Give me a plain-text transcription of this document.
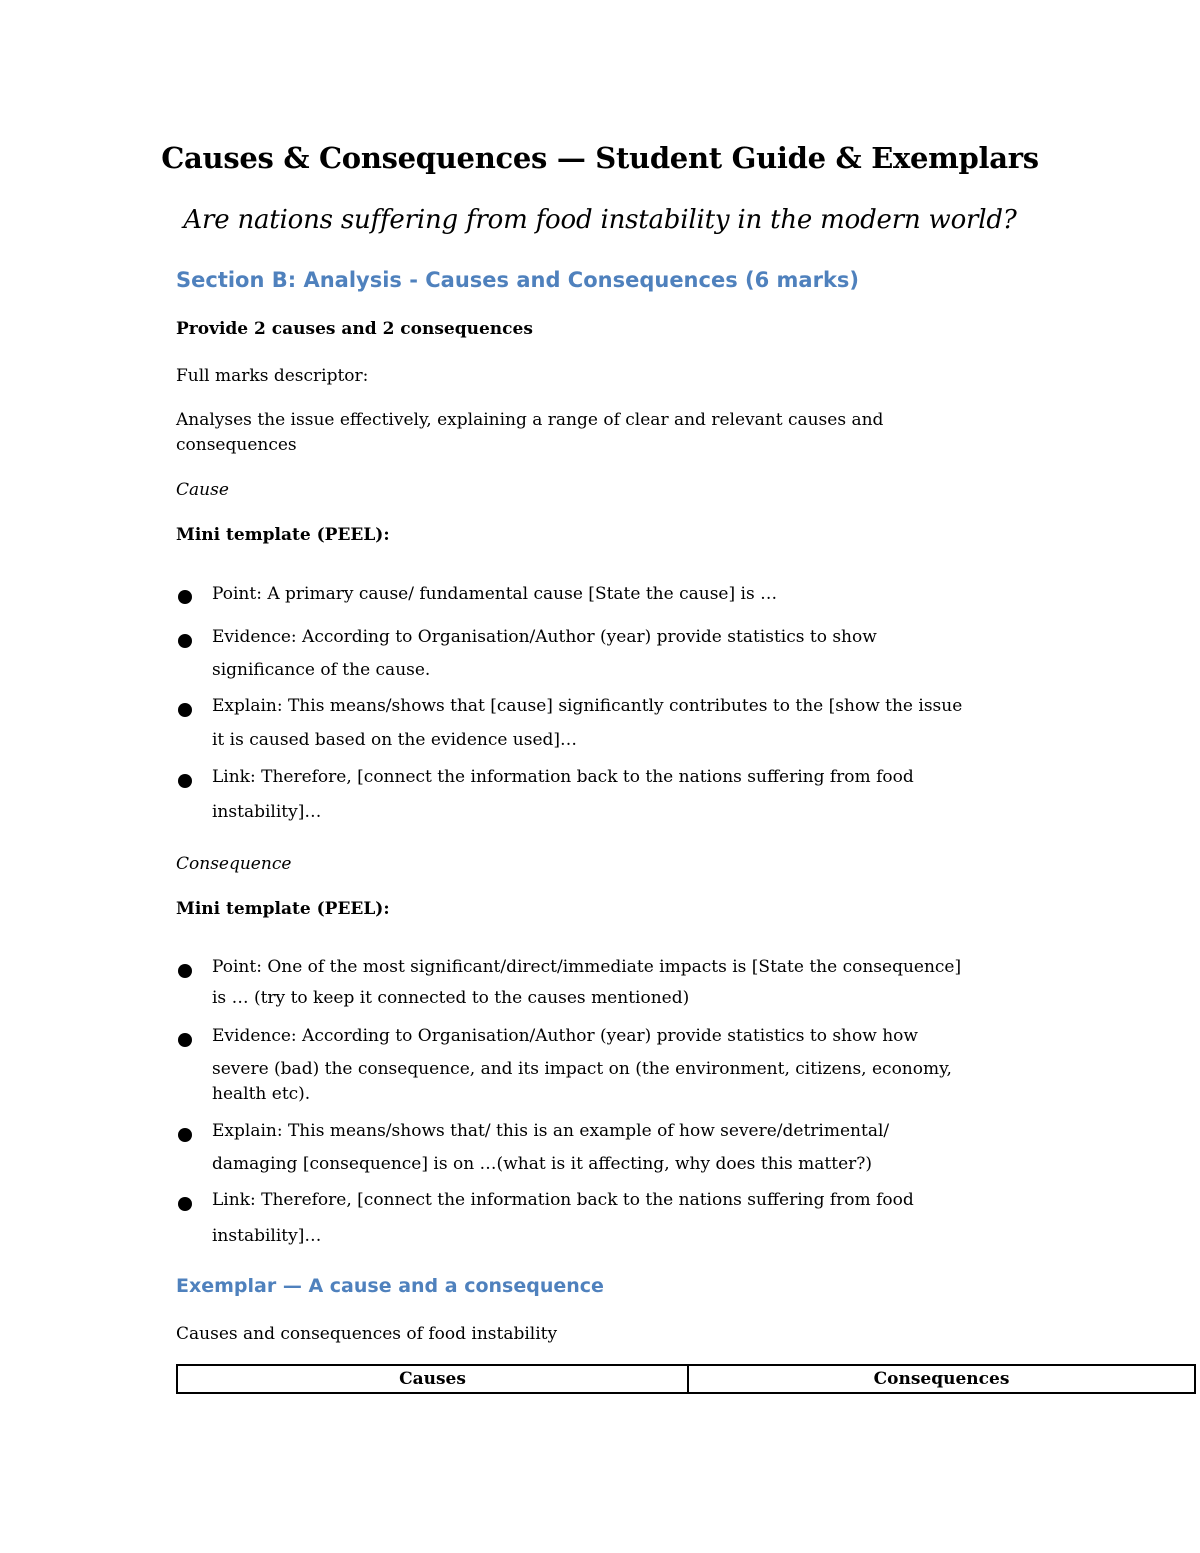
Causes & Consequences — Student Guide & Exemplars

Are nations suffering from food instability in the modern world?

Section B: Analysis - Causes and Consequences (6 marks)

Provide 2 causes and 2 consequences

Full marks descriptor:

Analyses the issue effectively, explaining a range of clear and relevant causes and

consequences

Cause

Mini template (PEEL):

Point: A primary cause/ fundamental cause [State the cause] is …

Evidence: According to Organisation/Author (year) provide statistics to show

significance of the cause.

Explain: This means/shows that [cause] significantly contributes to the [show the issue

it is caused based on the evidence used]…

Link: Therefore, [connect the information back to the nations suffering from food

instability]…

Consequence

Mini template (PEEL):

Point: One of the most significant/direct/immediate impacts is [State the consequence]

is … (try to keep it connected to the causes mentioned)

Evidence: According to Organisation/Author (year) provide statistics to show how

severe (bad) the consequence, and its impact on (the environment, citizens, economy,

health etc).

Explain: This means/shows that/ this is an example of how severe/detrimental/

damaging [consequence] is on …(what is it affecting, why does this matter?)

Link: Therefore, [connect the information back to the nations suffering from food

instability]…

Exemplar — A cause and a consequence

Causes and consequences of food instability

Causes	Consequences
